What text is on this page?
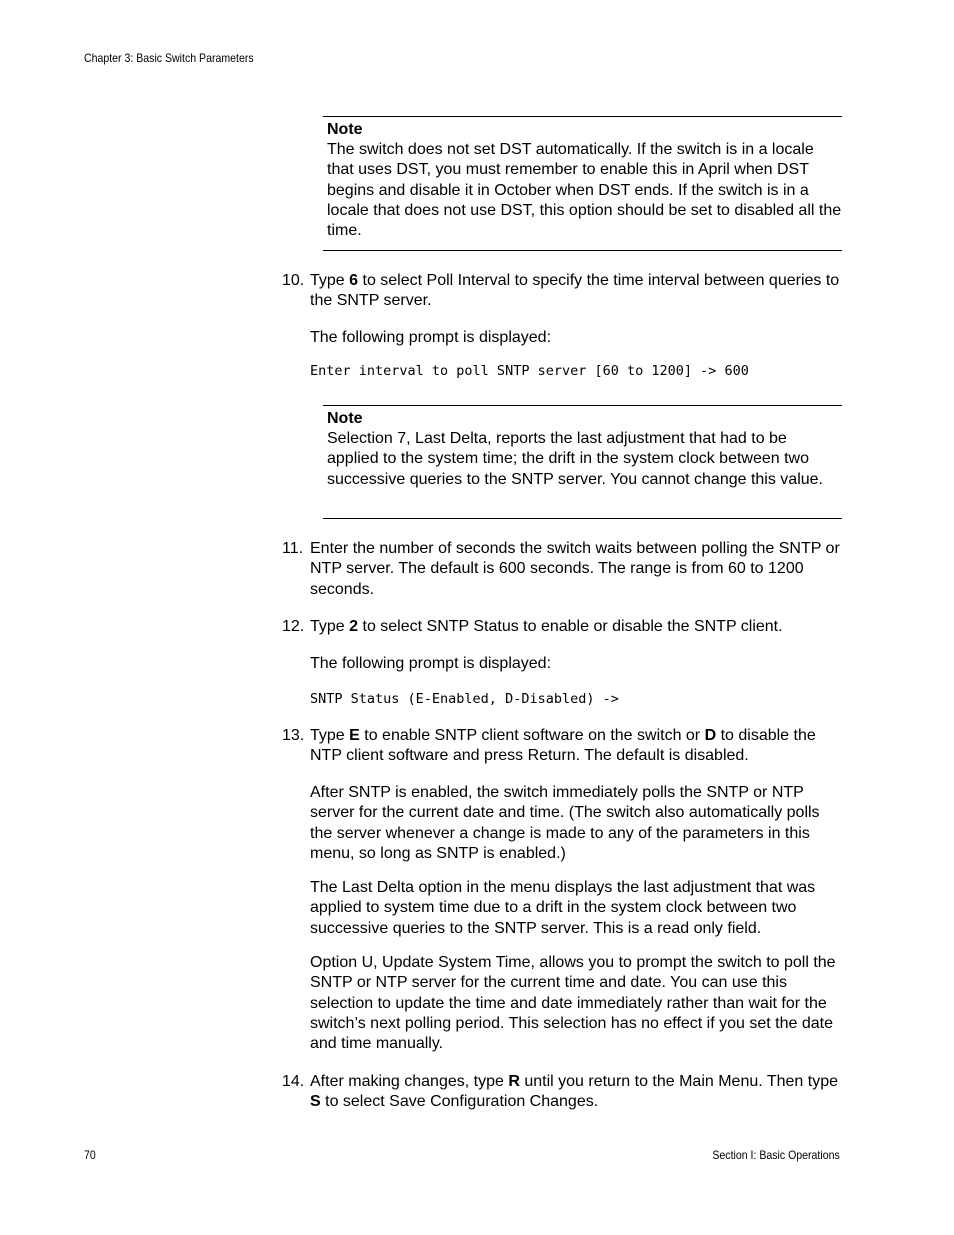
Chapter 3: Basic Switch Parameters
Note
The switch does not set DST automatically. If the switch is in a locale that uses DST, you must remember to enable this in April when DST begins and disable it in October when DST ends. If the switch is in a locale that does not use DST, this option should be set to disabled all the time.
10. Type 6 to select Poll Interval to specify the time interval between queries to the SNTP server.
The following prompt is displayed:
Enter interval to poll SNTP server [60 to 1200] -> 600
Note
Selection 7, Last Delta, reports the last adjustment that had to be applied to the system time; the drift in the system clock between two successive queries to the SNTP server. You cannot change this value.
11. Enter the number of seconds the switch waits between polling the SNTP or NTP server. The default is 600 seconds. The range is from 60 to 1200 seconds.
12. Type 2 to select SNTP Status to enable or disable the SNTP client.
The following prompt is displayed:
SNTP Status (E-Enabled, D-Disabled) ->
13. Type E to enable SNTP client software on the switch or D to disable the NTP client software and press Return. The default is disabled.
After SNTP is enabled, the switch immediately polls the SNTP or NTP server for the current date and time. (The switch also automatically polls the server whenever a change is made to any of the parameters in this menu, so long as SNTP is enabled.)
The Last Delta option in the menu displays the last adjustment that was applied to system time due to a drift in the system clock between two successive queries to the SNTP server. This is a read only field.
Option U, Update System Time, allows you to prompt the switch to poll the SNTP or NTP server for the current time and date. You can use this selection to update the time and date immediately rather than wait for the switch’s next polling period. This selection has no effect if you set the date and time manually.
14. After making changes, type R until you return to the Main Menu. Then type S to select Save Configuration Changes.
70	Section I: Basic Operations
